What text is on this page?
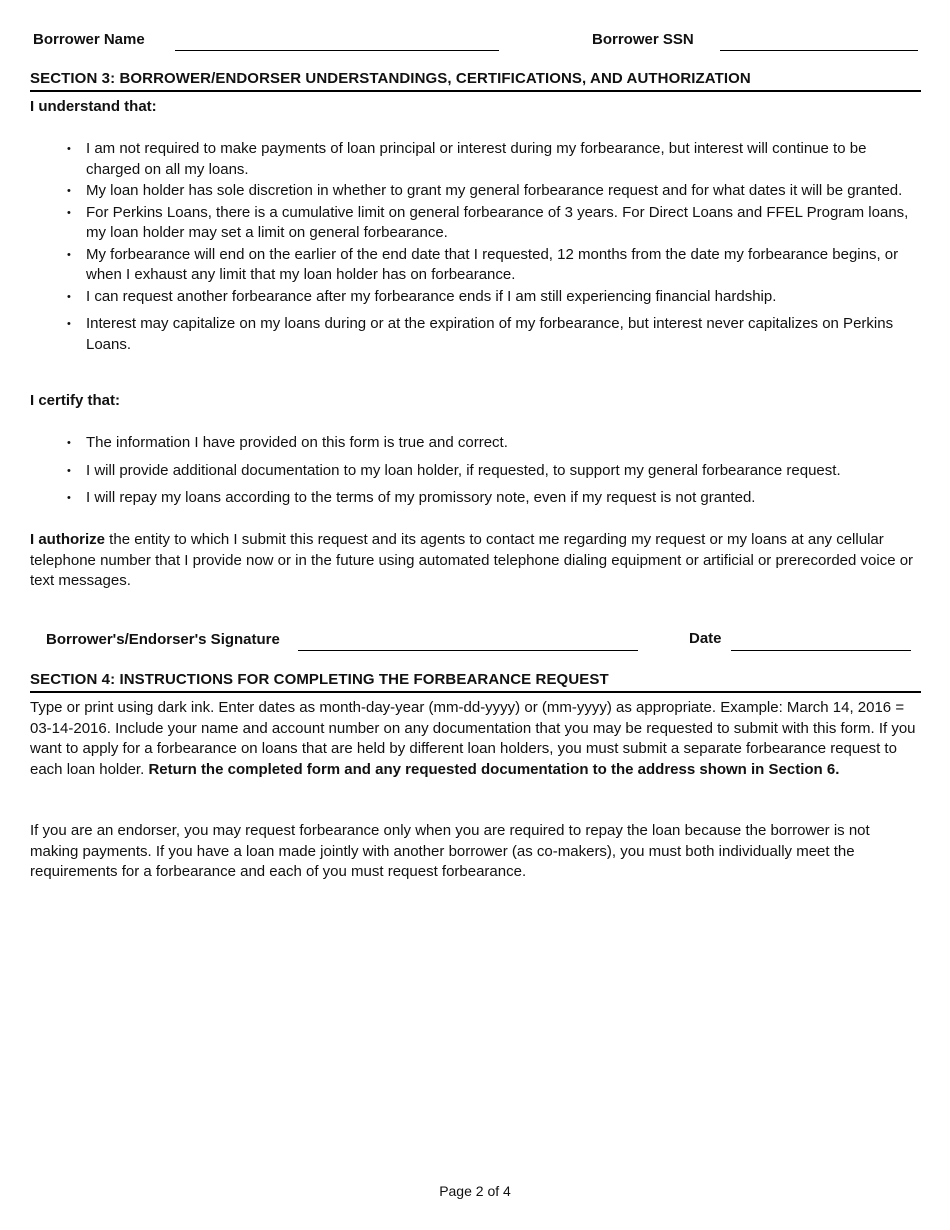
Borrower Name	Borrower SSN
SECTION 3: BORROWER/ENDORSER UNDERSTANDINGS, CERTIFICATIONS, AND AUTHORIZATION
I understand that:
• I am not required to make payments of loan principal or interest during my forbearance, but interest will continue to be charged on all my loans.
• My loan holder has sole discretion in whether to grant my general forbearance request and for what dates it will be granted.
• For Perkins Loans, there is a cumulative limit on general forbearance of 3 years. For Direct Loans and FFEL Program loans, my loan holder may set a limit on general forbearance.
• My forbearance will end on the earlier of the end date that I requested, 12 months from the date my forbearance begins, or when I exhaust any limit that my loan holder has on forbearance.
• I can request another forbearance after my forbearance ends if I am still experiencing financial hardship.
• Interest may capitalize on my loans during or at the expiration of my forbearance, but interest never capitalizes on Perkins Loans.
I certify that:
• The information I have provided on this form is true and correct.
• I will provide additional documentation to my loan holder, if requested, to support my general forbearance request.
• I will repay my loans according to the terms of my promissory note, even if my request is not granted.

I authorize the entity to which I submit this request and its agents to contact me regarding my request or my loans at any cellular telephone number that I provide now or in the future using automated telephone dialing equipment or artificial or prerecorded voice or text messages.

Borrower's/Endorser's Signature	Date
SECTION 4: INSTRUCTIONS FOR COMPLETING THE FORBEARANCE REQUEST

Type or print using dark ink. Enter dates as month-day-year (mm-dd-yyyy) or (mm-yyyy) as appropriate. Example: March 14, 2016 = 03-14-2016. Include your name and account number on any documentation that you may be requested to submit with this form. If you want to apply for a forbearance on loans that are held by different loan holders, you must submit a separate forbearance request to each loan holder. Return the completed form and any requested documentation to the address shown in Section 6.

If you are an endorser, you may request forbearance only when you are required to repay the loan because the borrower is not making payments. If you have a loan made jointly with another borrower (as co-makers), you must both individually meet the requirements for a forbearance and each of you must request forbearance.

Page 2 of 4
